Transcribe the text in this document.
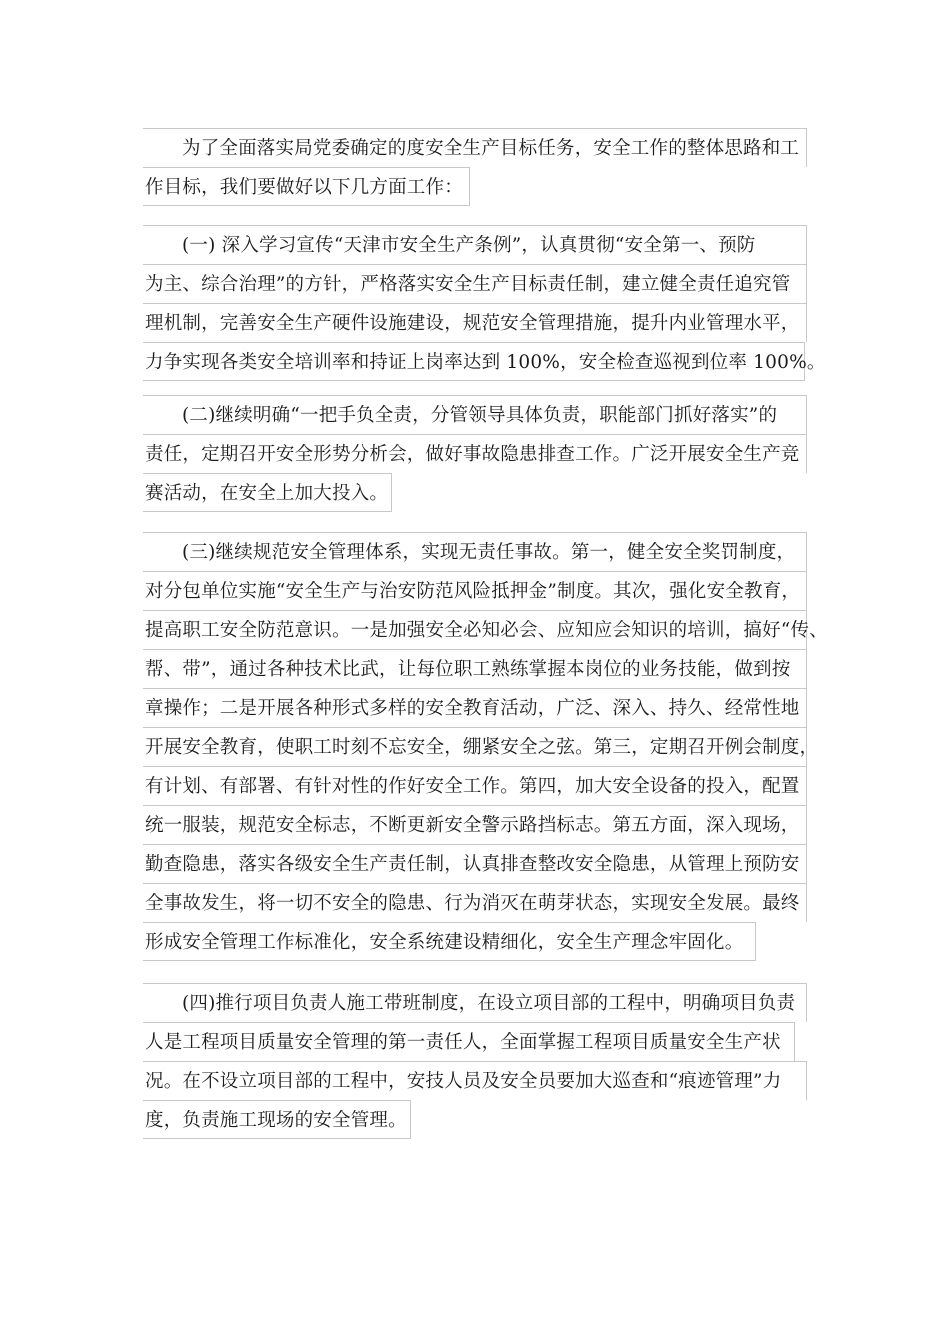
为了全面落实局党委确定的度安全生产目标任务，安全工作的整体思路和工
作目标，我们要做好以下几方面工作：
(一) 深入学习宣传“天津市安全生产条例”，认真贯彻“安全第一、预防
为主、综合治理”的方针，严格落实安全生产目标责任制，建立健全责任追究管
理机制，完善安全生产硬件设施建设，规范安全管理措施，提升内业管理水平，
力争实现各类安全培训率和持证上岗率达到 100%，安全检查巡视到位率 100%。
(二)继续明确“一把手负全责，分管领导具体负责，职能部门抓好落实”的
责任，定期召开安全形势分析会，做好事故隐患排查工作。广泛开展安全生产竞
赛活动，在安全上加大投入。
(三)继续规范安全管理体系，实现无责任事故。第一，健全安全奖罚制度，
对分包单位实施“安全生产与治安防范风险抵押金”制度。其次，强化安全教育，
提高职工安全防范意识。一是加强安全必知必会、应知应会知识的培训，搞好“传、
帮、带”，通过各种技术比武，让每位职工熟练掌握本岗位的业务技能，做到按
章操作；二是开展各种形式多样的安全教育活动，广泛、深入、持久、经常性地
开展安全教育，使职工时刻不忘安全，绷紧安全之弦。第三，定期召开例会制度，
有计划、有部署、有针对性的作好安全工作。第四，加大安全设备的投入，配置
统一服装，规范安全标志，不断更新安全警示路挡标志。第五方面，深入现场，
勤查隐患，落实各级安全生产责任制，认真排查整改安全隐患，从管理上预防安
全事故发生，将一切不安全的隐患、行为消灭在萌芽状态，实现安全发展。最终
形成安全管理工作标准化，安全系统建设精细化，安全生产理念牢固化。
(四)推行项目负责人施工带班制度，在设立项目部的工程中，明确项目负责
人是工程项目质量安全管理的第一责任人，全面掌握工程项目质量安全生产状
况。在不设立项目部的工程中，安技人员及安全员要加大巡查和“痕迹管理”力
度，负责施工现场的安全管理。
